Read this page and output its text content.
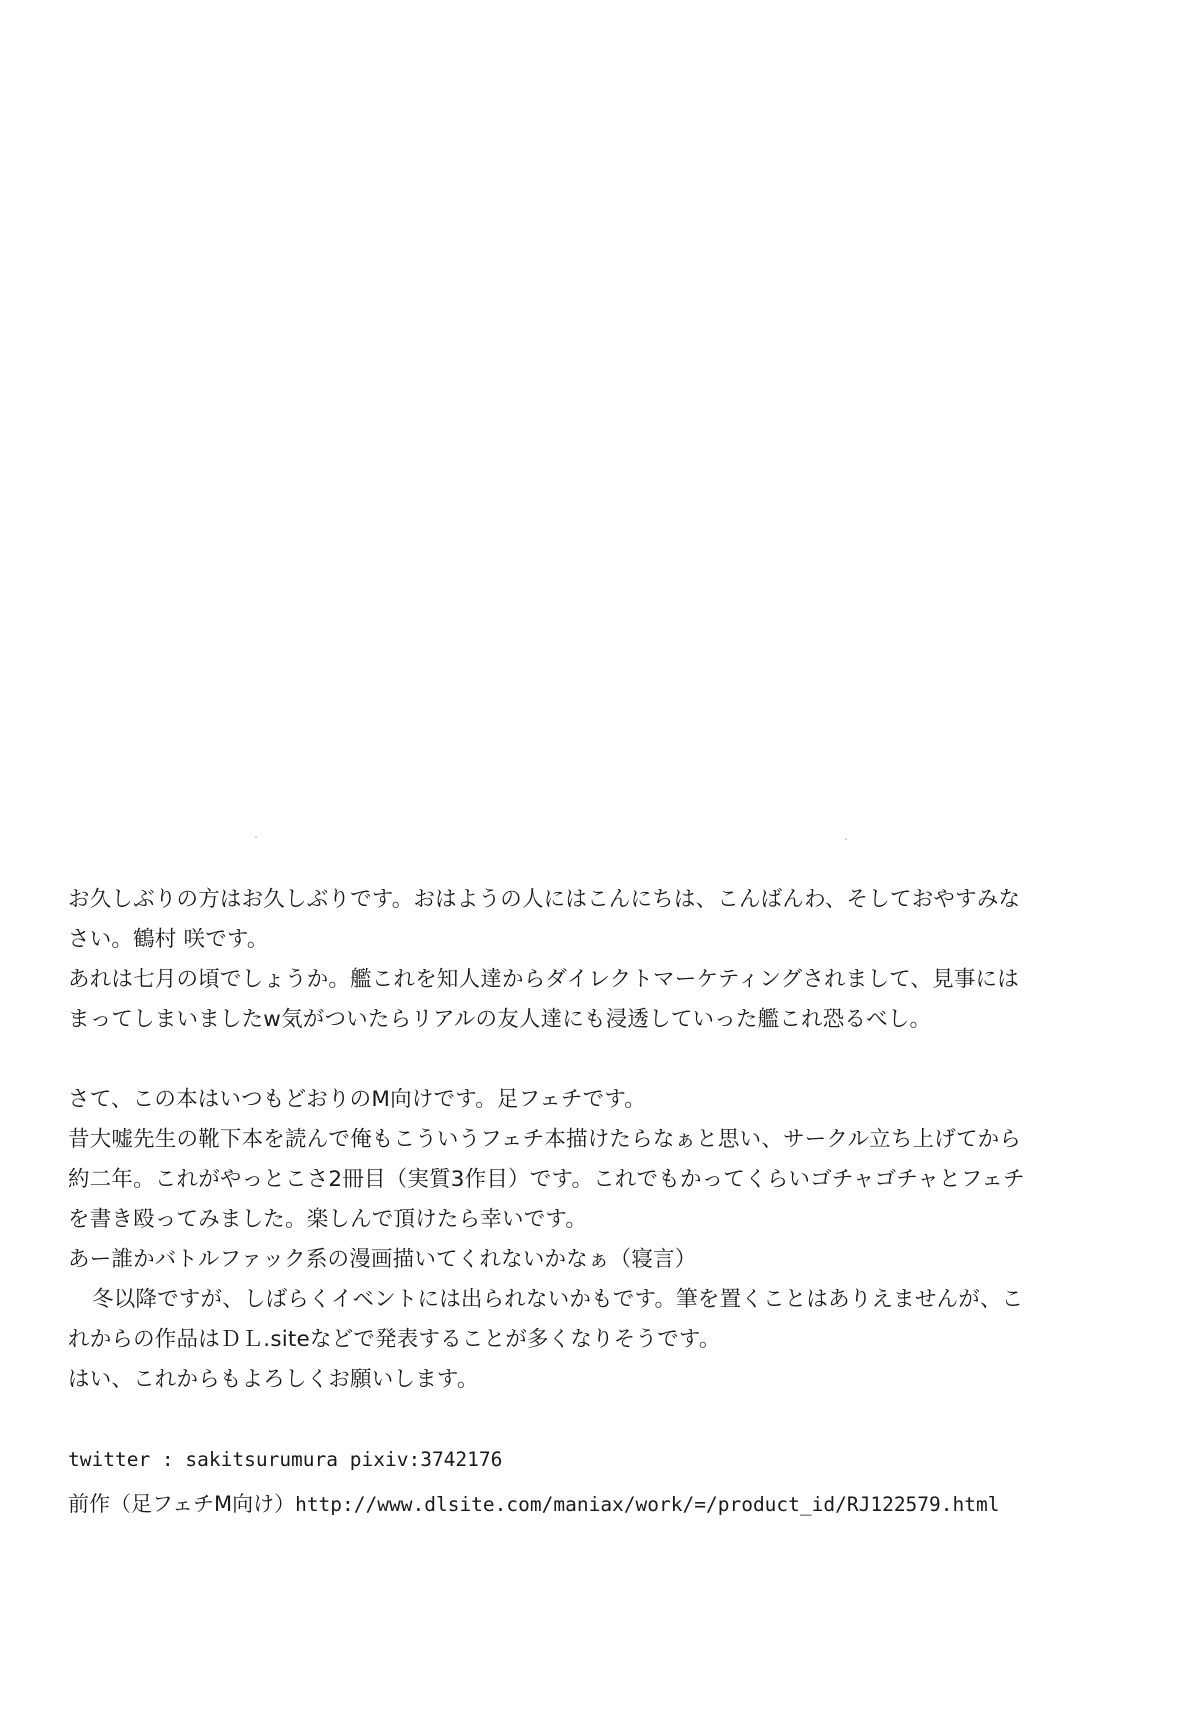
お久しぶりの方はお久しぶりです。おはようの人にはこんにちは、こんばんわ、そしておやすみな
さい。鶴村 咲です。

あれは七月の頃でしょうか。艦これを知人達からダイレクトマーケティングされまして、見事には
まってしまいましたw気がついたらリアルの友人達にも浸透していった艦これ恐るべし。

さて、この本はいつもどおりのM向けです。足フェチです。

昔大嘘先生の靴下本を読んで俺もこういうフェチ本描けたらなぁと思い、サークル立ち上げてから
約二年。これがやっとこさ2冊目（実質3作目）です。これでもかってくらいゴチャゴチャとフェチ
を書き殴ってみました。楽しんで頂けたら幸いです。

あー誰かバトルファック系の漫画描いてくれないかなぁ（寝言）

冬以降ですが、しばらくイベントには出られないかもです。筆を置くことはありえませんが、こ
れからの作品はＤＬ.siteなどで発表することが多くなりそうです。

はい、これからもよろしくお願いします。

twitter : sakitsurumura pixiv:3742176
前作（足フェチM向け）http://www.dlsite.com/maniax/work/=/product_id/RJ122579.html
